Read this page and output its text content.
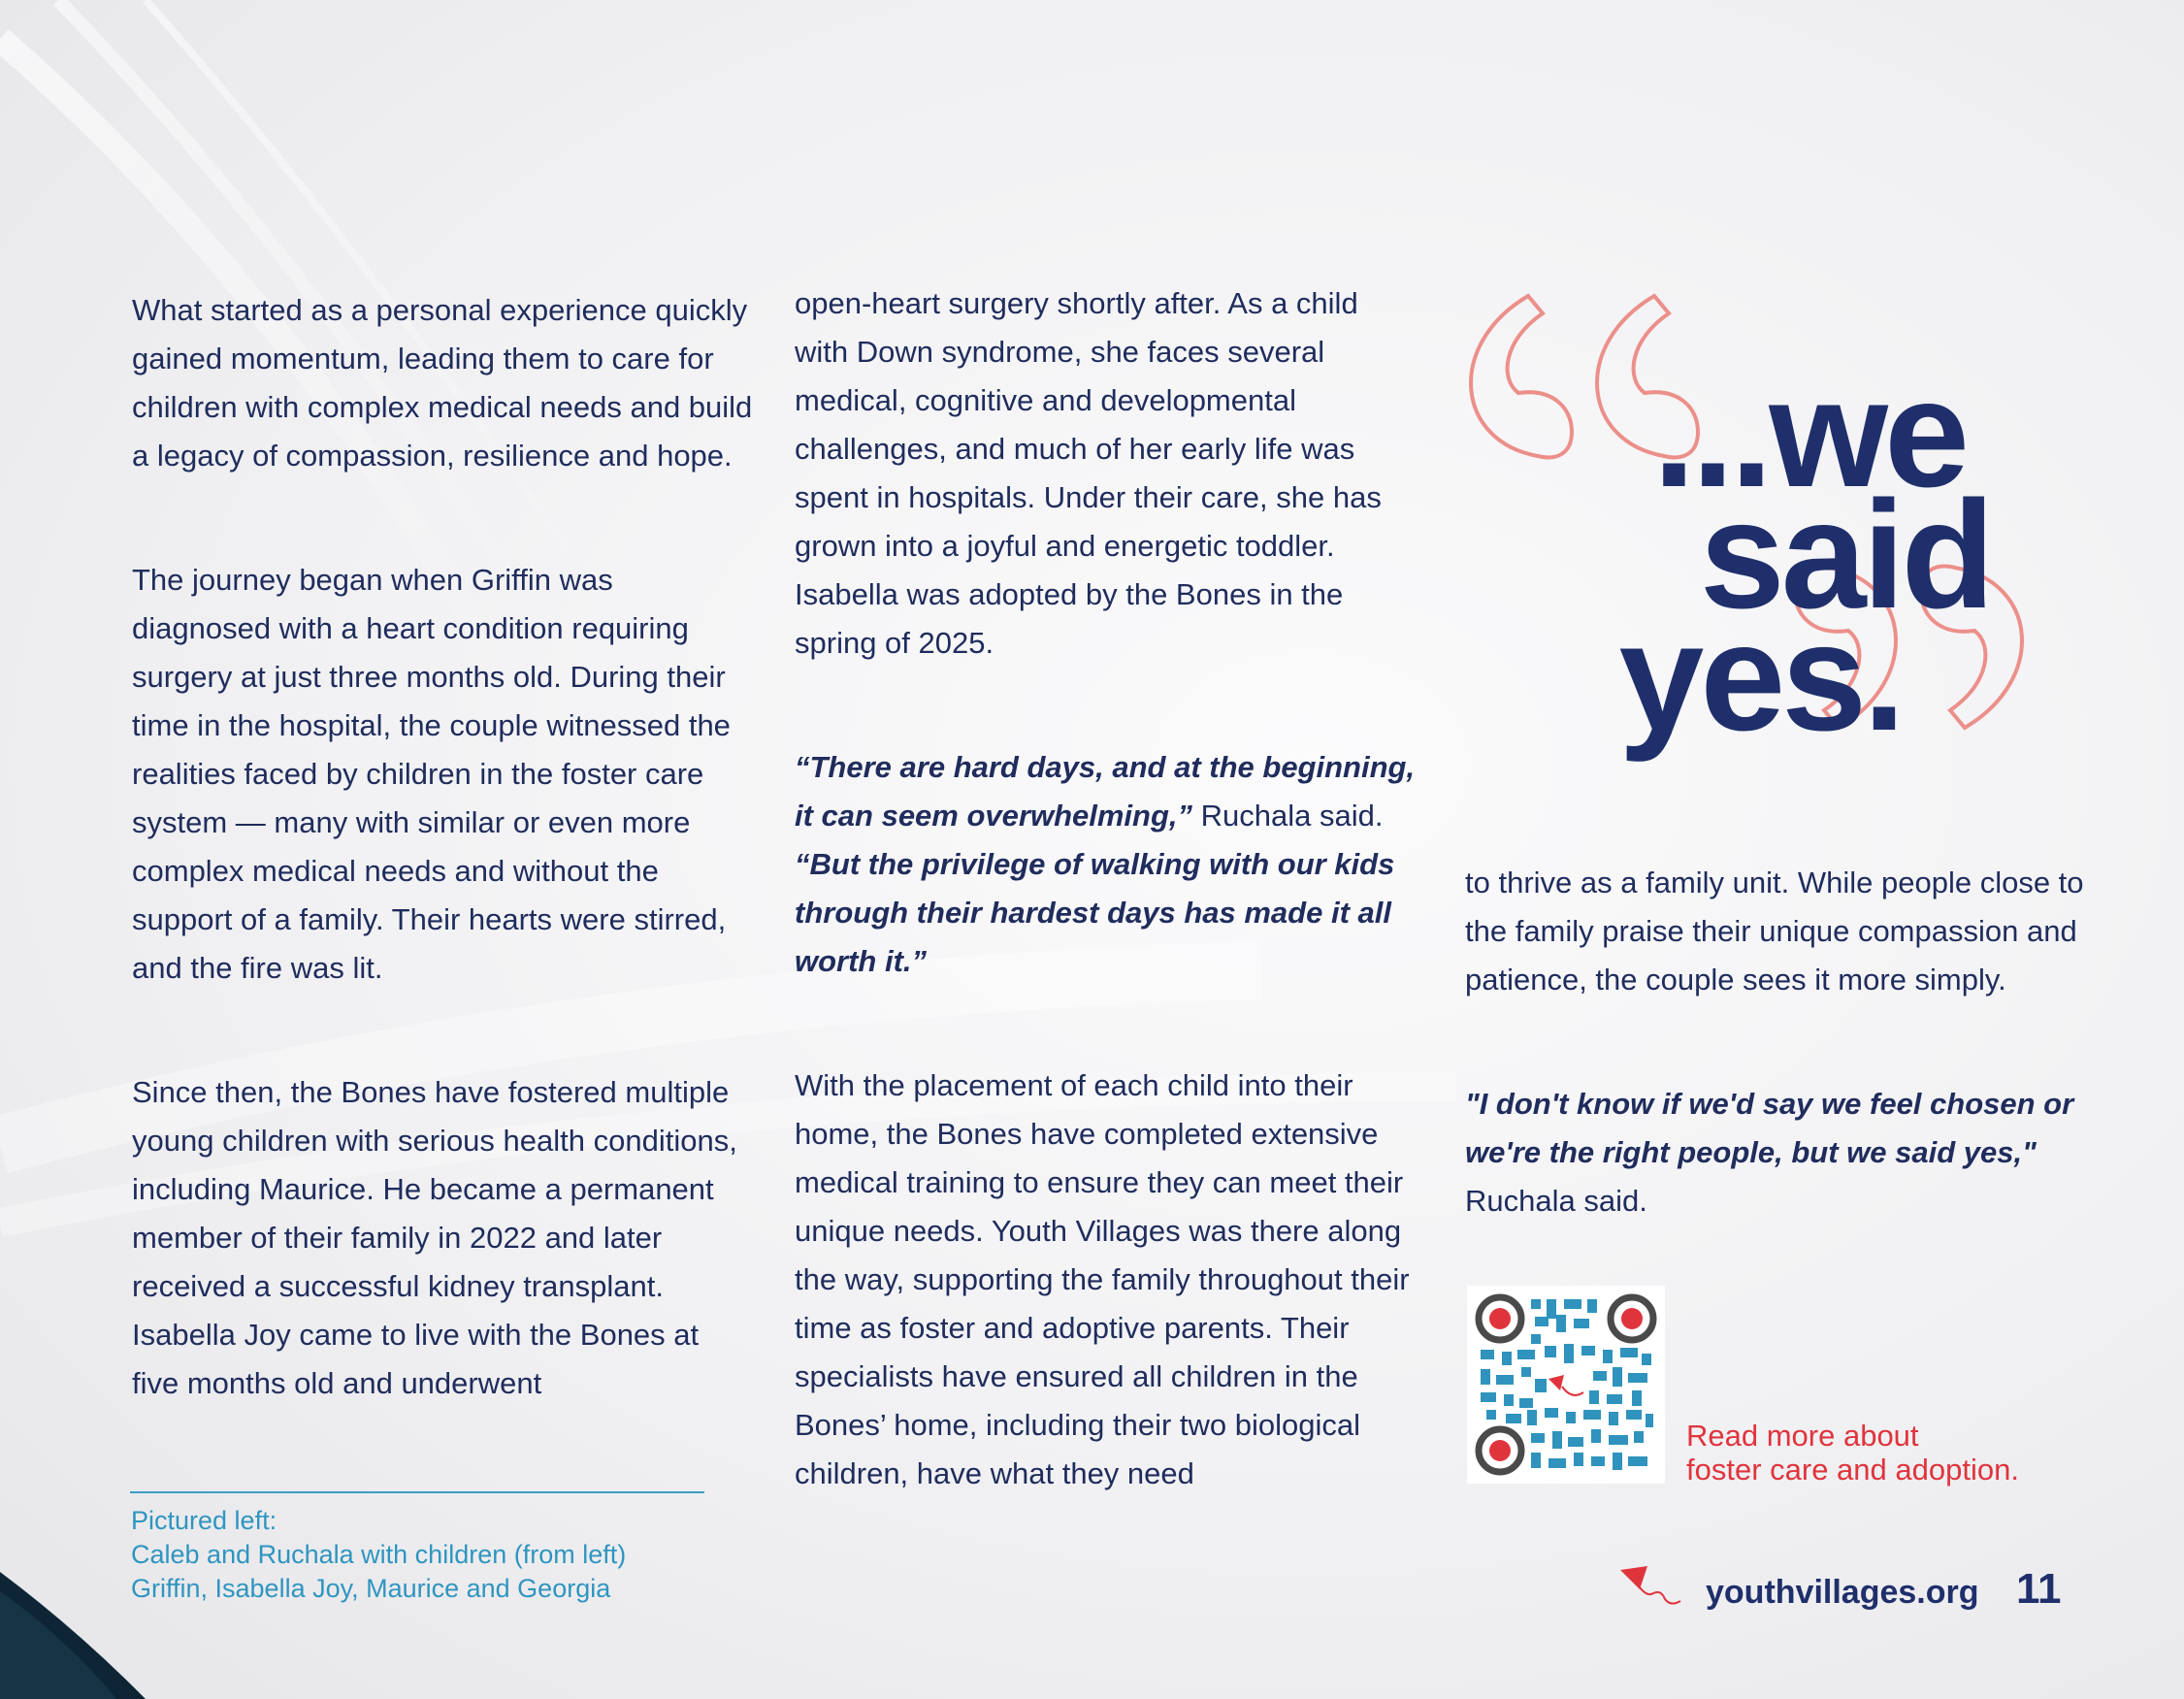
What started as a personal experience quickly gained momentum, leading them to care for children with complex medical needs and build a legacy of compassion, resilience and hope.

The journey began when Griffin was diagnosed with a heart condition requiring surgery at just three months old. During their time in the hospital, the couple witnessed the realities faced by children in the foster care system — many with similar or even more complex medical needs and without the support of a family. Their hearts were stirred, and the fire was lit.

Since then, the Bones have fostered multiple young children with serious health conditions, including Maurice. He became a permanent member of their family in 2022 and later received a successful kidney transplant. Isabella Joy came to live with the Bones at five months old and underwent

Pictured left:
Caleb and Ruchala with children (from left)
Griffin, Isabella Joy, Maurice and Georgia

open-heart surgery shortly after. As a child with Down syndrome, she faces several medical, cognitive and developmental challenges, and much of her early life was spent in hospitals. Under their care, she has grown into a joyful and energetic toddler. Isabella was adopted by the Bones in the spring of 2025.

“There are hard days, and at the beginning, it can seem overwhelming,” Ruchala said. “But the privilege of walking with our kids through their hardest days has made it all worth it.”

With the placement of each child into their home, the Bones have completed extensive medical training to ensure they can meet their unique needs. Youth Villages was there along the way, supporting the family throughout their time as foster and adoptive parents. Their specialists have ensured all children in the Bones’ home, including their two biological children, have what they need

...we
said
yes.

to thrive as a family unit. While people close to the family praise their unique compassion and patience, the couple sees it more simply.

"I don't know if we'd say we feel chosen or we're the right people, but we said yes," Ruchala said.

Read more about
foster care and adoption.
youthvillages.org 11
